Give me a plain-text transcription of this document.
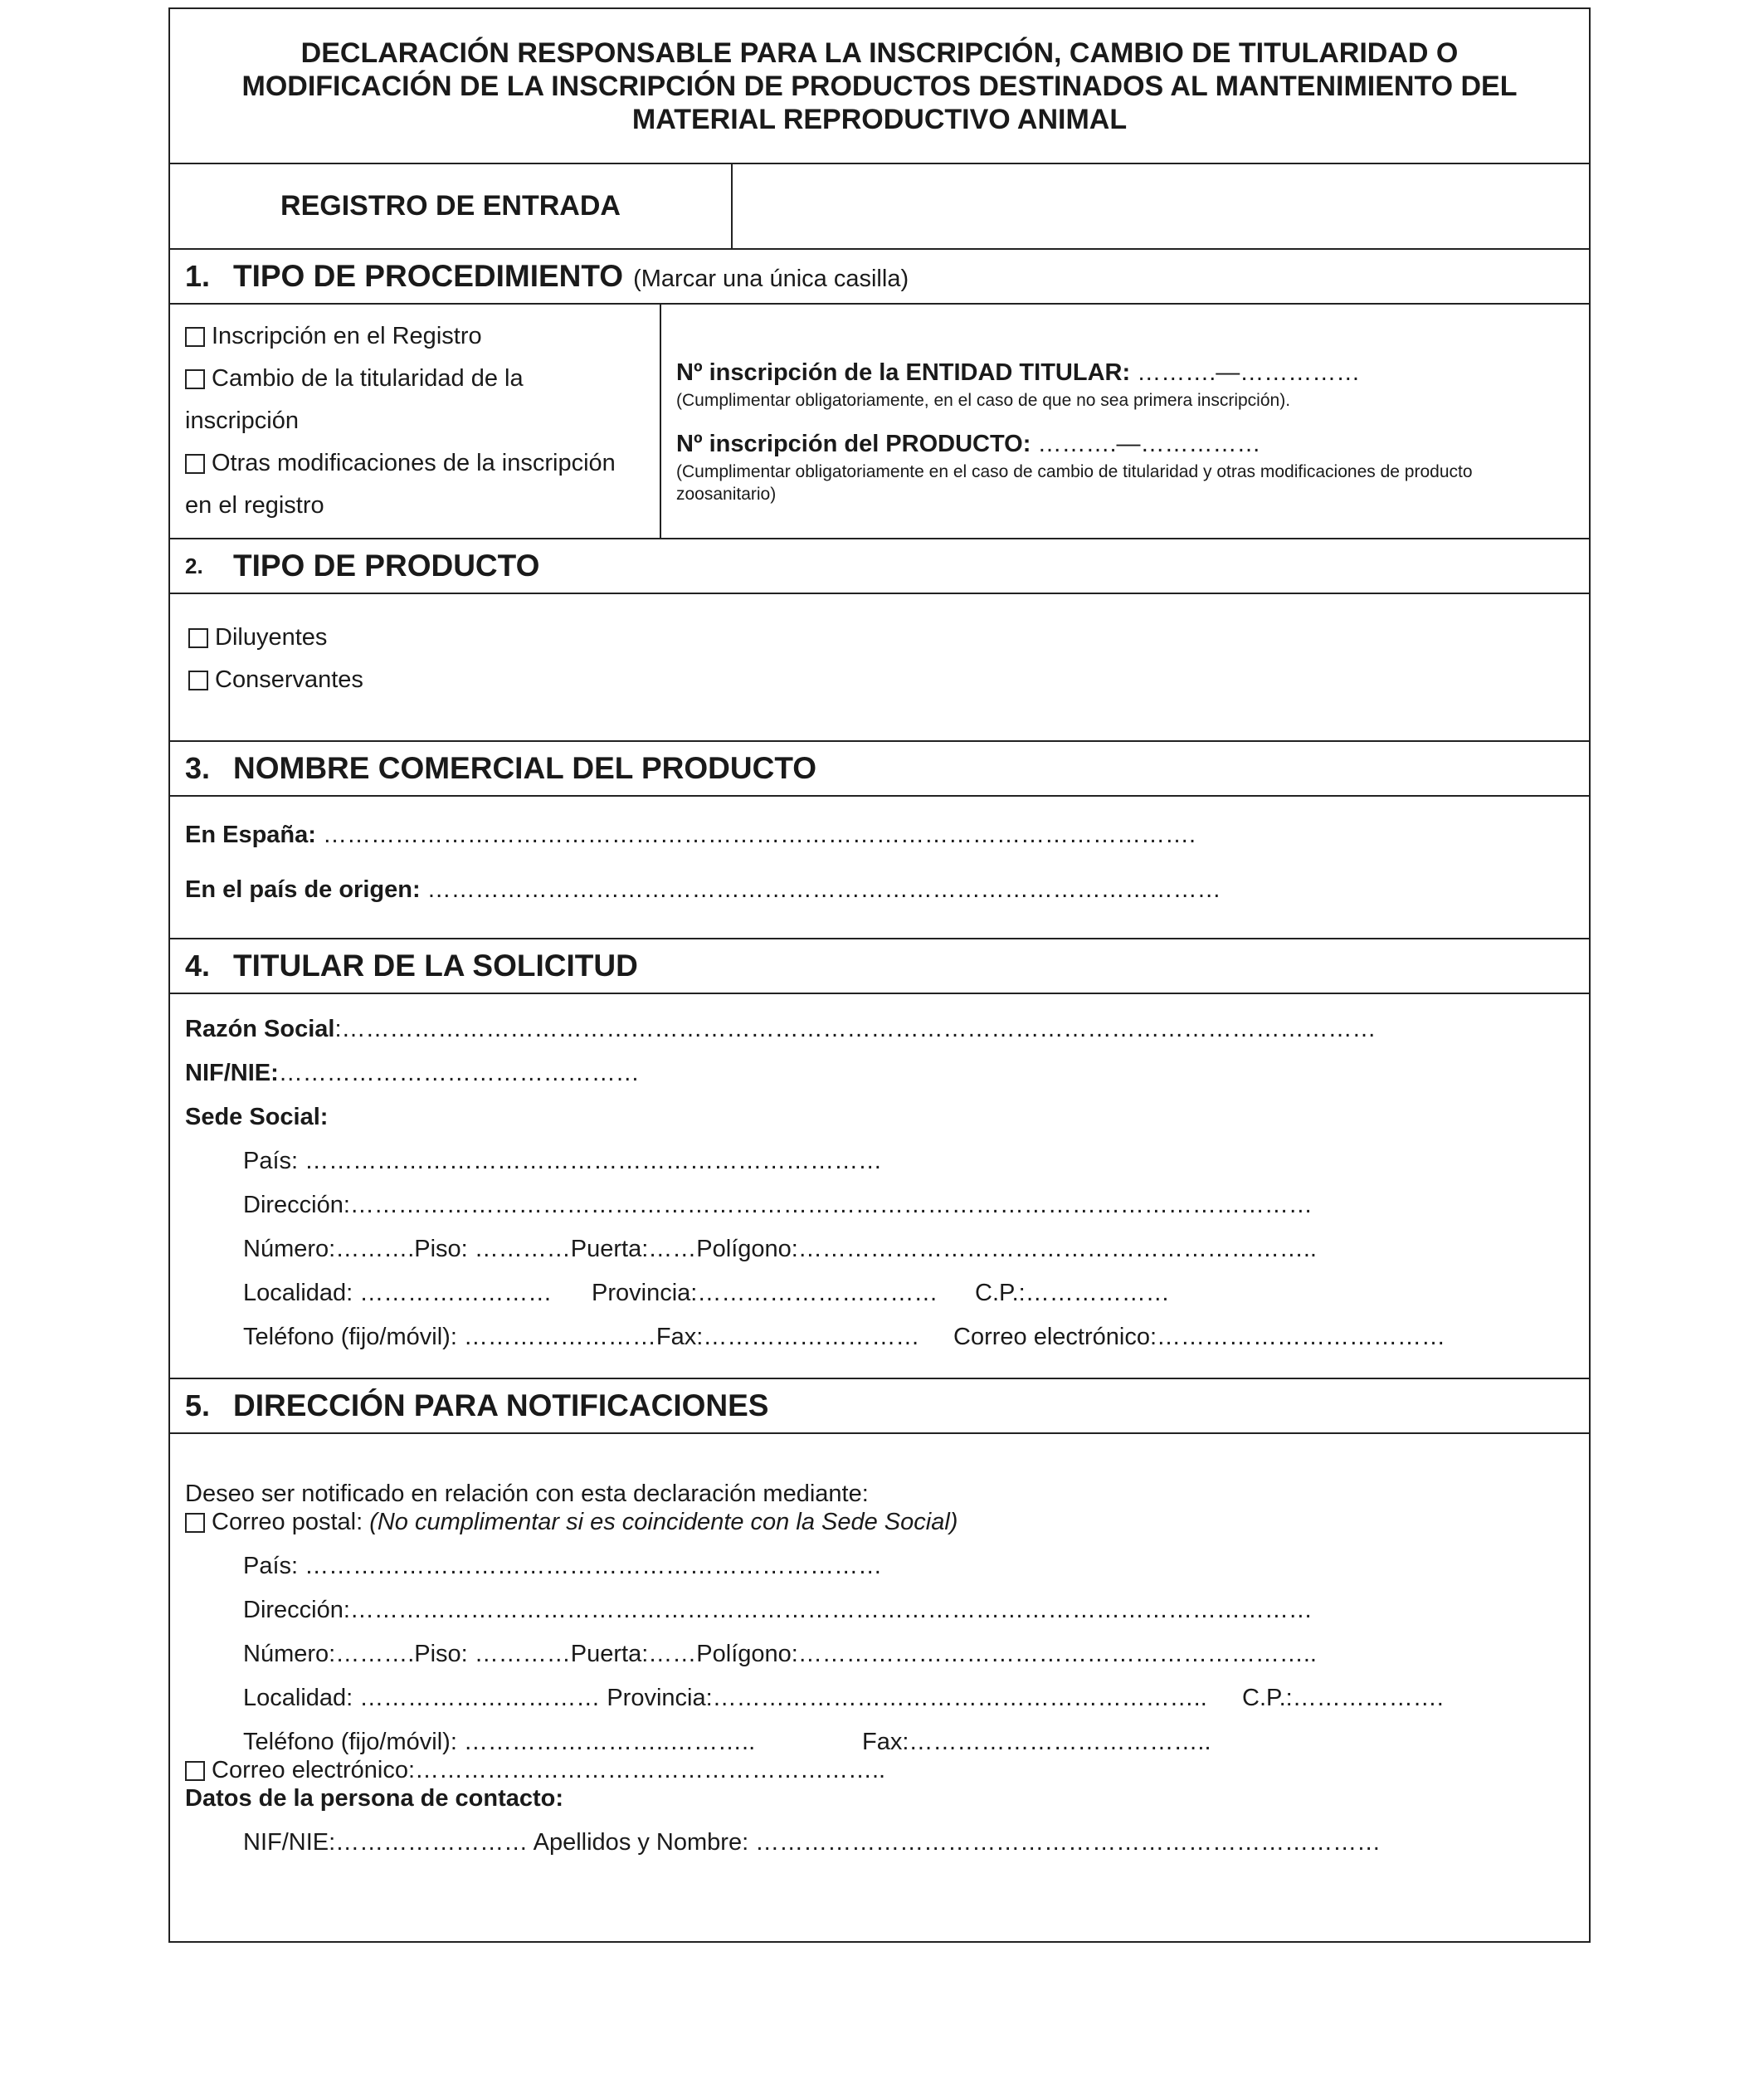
DECLARACIÓN RESPONSABLE PARA LA INSCRIPCIÓN, CAMBIO DE TITULARIDAD O MODIFICACIÓN DE LA INSCRIPCIÓN DE PRODUCTOS DESTINADOS AL MANTENIMIENTO DEL MATERIAL REPRODUCTIVO ANIMAL
REGISTRO DE ENTRADA
1. TIPO DE PROCEDIMIENTO (Marcar una única casilla)
Inscripción en el Registro
Cambio de la titularidad de la
inscripción
Otras modificaciones de la inscripción
en el registro
Nº inscripción de la ENTIDAD TITULAR: ……….—……………
(Cumplimentar obligatoriamente, en el caso de que no sea primera inscripción).
Nº inscripción del PRODUCTO: ……….—……………
(Cumplimentar obligatoriamente en el caso de cambio de titularidad y otras modificaciones de producto zoosanitario)
2. TIPO DE PRODUCTO
Diluyentes
Conservantes
3. NOMBRE COMERCIAL DEL PRODUCTO
En España: ……………………………………………………………………………………………….
En el país de origen: ………………………………………………………………………………………
4. TITULAR DE LA SOLICITUD
Razón Social:…………………………………………………………………………………………………………………
NIF/NIE:………………………………………
Sede Social:
País: ………………………………………………………………
Dirección:…………………………………………………………………………………………………………
Número:……….Piso: …………Puerta:……Polígono:………………………………………………………..
Localidad: …………………… Provincia:………………………… C.P.:………………
Teléfono (fijo/móvil): ……………………Fax:……………………… Correo electrónico:………………………………
5. DIRECCIÓN PARA NOTIFICACIONES
Deseo ser notificado en relación con esta declaración mediante:
Correo postal: (No cumplimentar si es coincidente con la Sede Social)
País: ………………………………………………………………
Dirección:…………………………………………………………………………………………………………
Número:……….Piso: …………Puerta:……Polígono:………………………………………………………..
Localidad: ………………………… Provincia:…………………………………………………….. C.P.:……………….
Teléfono (fijo/móvil): ……………………..………..	Fax:………………………………..
Correo electrónico:…………………………………………………..
Datos de la persona de contacto:
NIF/NIE:…………………… Apellidos y Nombre: ……………………………………………………………………
